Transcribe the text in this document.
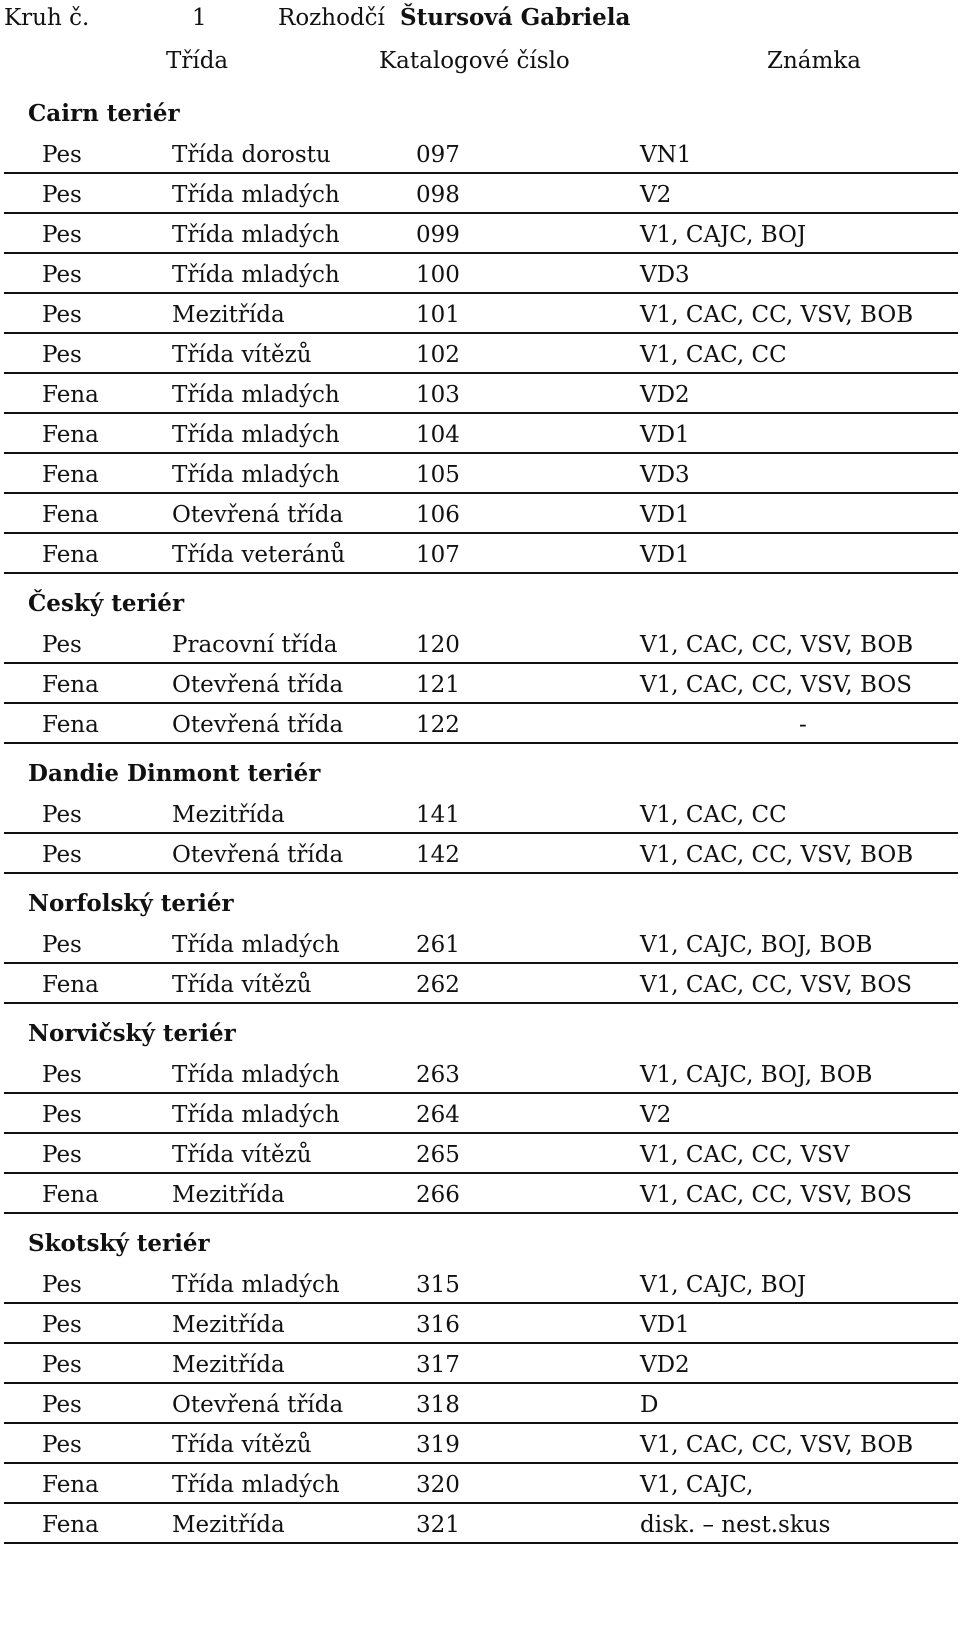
Kruh č.	1	Rozhodčí Štursová Gabriela
Třída	Katalogové číslo	Známka
Cairn teriér
Pes	Třída dorostu	097	VN1
Pes	Třída mladých	098	V2
Pes	Třída mladých	099	V1, CAJC, BOJ
Pes	Třída mladých	100	VD3
Pes	Mezitřída	101	V1, CAC, CC, VSV, BOB
Pes	Třída vítězů	102	V1, CAC, CC
Fena	Třída mladých	103	VD2
Fena	Třída mladých	104	VD1
Fena	Třída mladých	105	VD3
Fena	Otevřená třída	106	VD1
Fena	Třída veteránů	107	VD1
Český teriér
Pes	Pracovní třída	120	V1, CAC, CC, VSV, BOB
Fena	Otevřená třída	121	V1, CAC, CC, VSV, BOS
Fena	Otevřená třída	122	-
Dandie Dinmont teriér
Pes	Mezitřída	141	V1, CAC, CC
Pes	Otevřená třída	142	V1, CAC, CC, VSV, BOB
Norfolský teriér
Pes	Třída mladých	261	V1, CAJC, BOJ, BOB
Fena	Třída vítězů	262	V1, CAC, CC, VSV, BOS
Norvičský teriér
Pes	Třída mladých	263	V1, CAJC, BOJ, BOB
Pes	Třída mladých	264	V2
Pes	Třída vítězů	265	V1, CAC, CC, VSV
Fena	Mezitřída	266	V1, CAC, CC, VSV, BOS
Skotský teriér
Pes	Třída mladých	315	V1, CAJC, BOJ
Pes	Mezitřída	316	VD1
Pes	Mezitřída	317	VD2
Pes	Otevřená třída	318	D
Pes	Třída vítězů	319	V1, CAC, CC, VSV, BOB
Fena	Třída mladých	320	V1, CAJC,
Fena	Mezitřída	321	disk. – nest.skus
